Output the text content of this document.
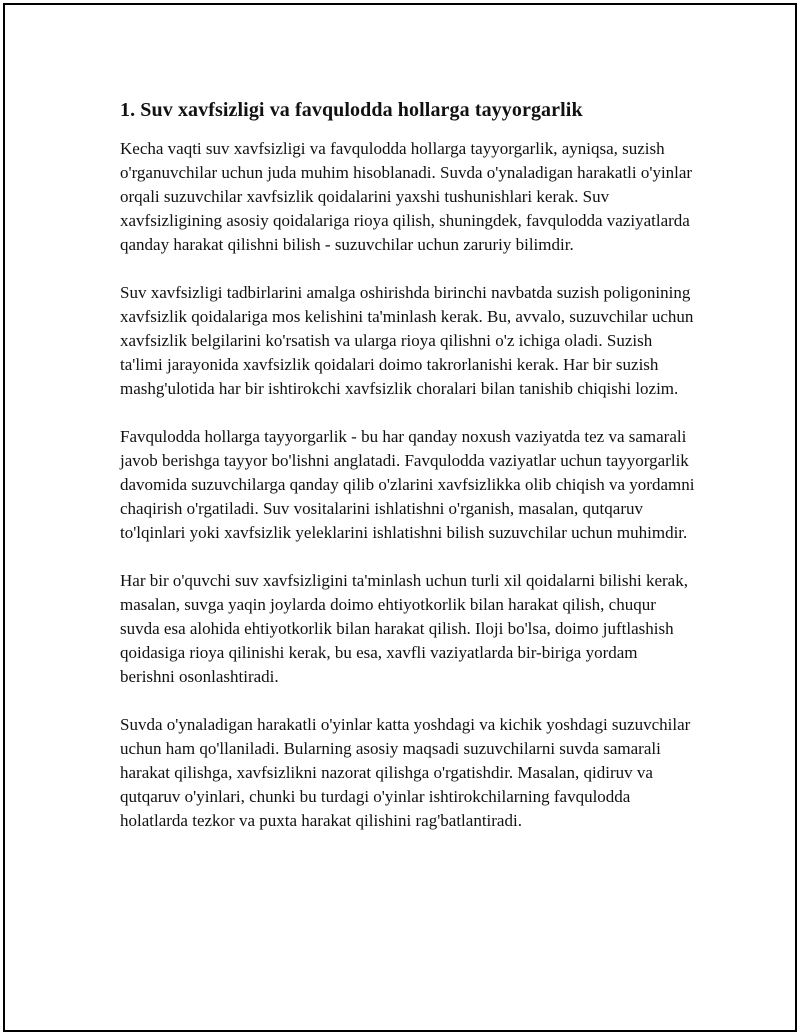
1. Suv xavfsizligi va favqulodda hollarga tayyorgarlik

Kecha vaqti suv xavfsizligi va favqulodda hollarga tayyorgarlik, ayniqsa, suzish o'rganuvchilar uchun juda muhim hisoblanadi. Suvda o'ynaladigan harakatli o'yinlar orqali suzuvchilar xavfsizlik qoidalarini yaxshi tushunishlari kerak. Suv xavfsizligining asosiy qoidalariga rioya qilish, shuningdek, favqulodda vaziyatlarda qanday harakat qilishni bilish - suzuvchilar uchun zaruriy bilimdir.

Suv xavfsizligi tadbirlarini amalga oshirishda birinchi navbatda suzish poligonining xavfsizlik qoidalariga mos kelishini ta'minlash kerak. Bu, avvalo, suzuvchilar uchun xavfsizlik belgilarini ko'rsatish va ularga rioya qilishni o'z ichiga oladi. Suzish ta'limi jarayonida xavfsizlik qoidalari doimo takrorlanishi kerak. Har bir suzish mashg'ulotida har bir ishtirokchi xavfsizlik choralari bilan tanishib chiqishi lozim.

Favqulodda hollarga tayyorgarlik - bu har qanday noxush vaziyatda tez va samarali javob berishga tayyor bo'lishni anglatadi. Favqulodda vaziyatlar uchun tayyorgarlik davomida suzuvchilarga qanday qilib o'zlarini xavfsizlikka olib chiqish va yordamni chaqirish o'rgatiladi. Suv vositalarini ishlatishni o'rganish, masalan, qutqaruv to'lqinlari yoki xavfsizlik yeleklarini ishlatishni bilish suzuvchilar uchun muhimdir.

Har bir o'quvchi suv xavfsizligini ta'minlash uchun turli xil qoidalarni bilishi kerak, masalan, suvga yaqin joylarda doimo ehtiyotkorlik bilan harakat qilish, chuqur suvda esa alohida ehtiyotkorlik bilan harakat qilish. Iloji bo'lsa, doimo juftlashish qoidasiga rioya qilinishi kerak, bu esa, xavfli vaziyatlarda bir-biriga yordam berishni osonlashtiradi.

Suvda o'ynaladigan harakatli o'yinlar katta yoshdagi va kichik yoshdagi suzuvchilar uchun ham qo'llaniladi. Bularning asosiy maqsadi suzuvchilarni suvda samarali harakat qilishga, xavfsizlikni nazorat qilishga o'rgatishdir. Masalan, qidiruv va qutqaruv o'yinlari, chunki bu turdagi o'yinlar ishtirokchilarning favqulodda holatlarda tezkor va puxta harakat qilishini rag'batlantiradi.
